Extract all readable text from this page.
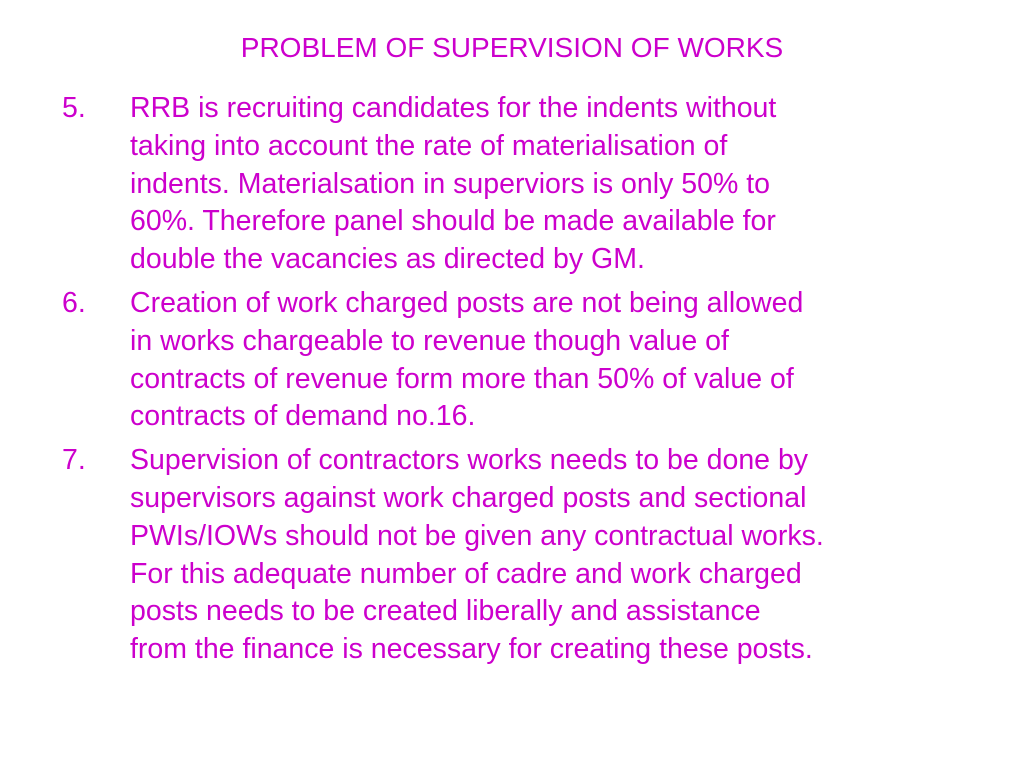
PROBLEM OF SUPERVISION OF WORKS
5.	RRB is recruiting candidates for the indents without
taking into account the rate of materialisation of
indents. Materialsation in superviors is only 50% to
60%. Therefore panel should be made available for
double the vacancies as directed by GM.
6.	Creation of work charged posts are not being allowed
in works chargeable to revenue though value of
contracts of revenue form more than 50% of value of
contracts of demand no.16.
7.	Supervision of contractors works needs to be done by
supervisors against work charged posts and sectional
PWIs/IOWs should not be given any contractual works.
For this adequate number of cadre and work charged
posts needs to be created liberally and assistance
from the finance is necessary for creating these posts.
